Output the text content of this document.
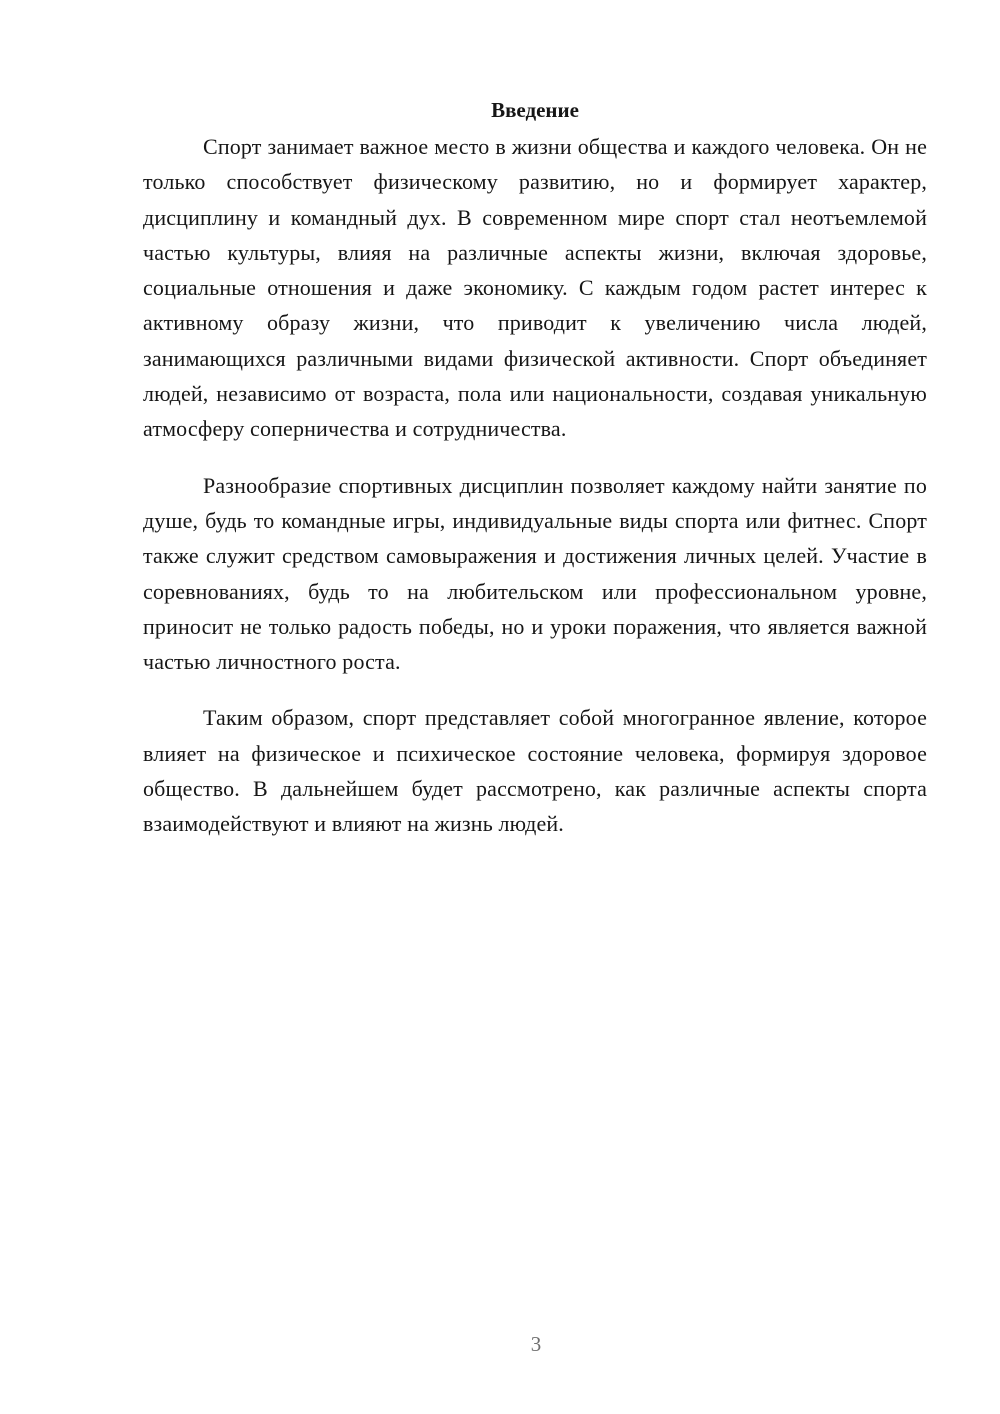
Введение

Спорт занимает важное место в жизни общества и каждого человека. Он не только способствует физическому развитию, но и формирует характер, дисциплину и командный дух. В современном мире спорт стал неотъемлемой частью культуры, влияя на различные аспекты жизни, включая здоровье, социальные отношения и даже экономику. С каждым годом растет интерес к активному образу жизни, что приводит к увеличению числа людей, занимающихся различными видами физической активности. Спорт объединяет людей, независимо от возраста, пола или национальности, создавая уникальную атмосферу соперничества и сотрудничества.

Разнообразие спортивных дисциплин позволяет каждому найти занятие по душе, будь то командные игры, индивидуальные виды спорта или фитнес. Спорт также служит средством самовыражения и достижения личных целей. Участие в соревнованиях, будь то на любительском или профессиональном уровне, приносит не только радость победы, но и уроки поражения, что является важной частью личностного роста.

Таким образом, спорт представляет собой многогранное явление, которое влияет на физическое и психическое состояние человека, формируя здоровое общество. В дальнейшем будет рассмотрено, как различные аспекты спорта взаимодействуют и влияют на жизнь людей.

3
